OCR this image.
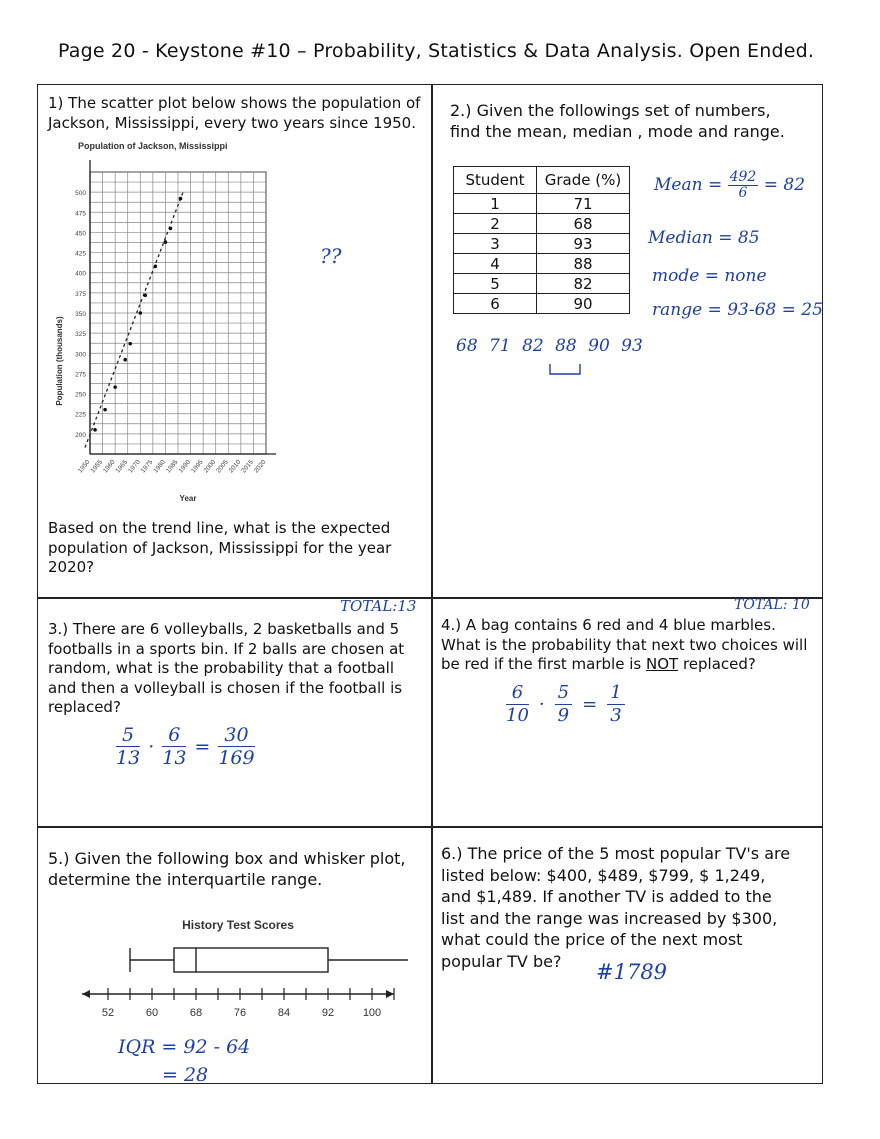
Page 20 - Keystone #10 – Probability, Statistics & Data Analysis. Open Ended.
1) The scatter plot below shows the population of
Jackson, Mississippi, every two years since 1950.
Population of Jackson, Mississippi
Population (thousands)
Year
200
225
250
275
300
325
350
375
400
425
450
475
500
1950
1955
1960
1965
1970
1975
1980
1985
1990
1995
2000
2005
2010
2015
2020
??
Based on the trend line, what is the expected
population of Jackson, Mississippi for the year
2020?
2.) Given the followings set of numbers,
find the mean, median , mode and range.
Student	Grade (%)
1	71
2	68
3	93
4	88
5	82
6	90
Mean = $\frac{492}{6} = 82$
Median = 85
mode = none
range = 93-68 = 25
68 71 82 88 90 93
TOTAL:13
3.) There are 6 volleyballs, 2 basketballs and 5
footballs in a sports bin. If 2 balls are chosen at
random, what is the probability that a football
and then a volleyball is chosen if the football is
replaced?
5
13
· $\frac{6}{13} = \frac{30}{169}$
TOTAL: 10
4.) A bag contains 6 red and 4 blue marbles.
What is the probability that next two choices will
be red if the first marble is NOT replaced?
6
10
· $\frac{5}{9} = \frac{1}{3}$
5.) Given the following box and whisker plot,
determine the interquartile range.
History Test Scores
52	60	68	76	84	92	100
IQR = 92 - 64
= 28
6.) The price of the 5 most popular TV's are
listed below: $400, $489, $799, $ 1,249,
and $1,489. If another TV is added to the
list and the range was increased by $300,
what could the price of the next most
popular TV be?	#1789
